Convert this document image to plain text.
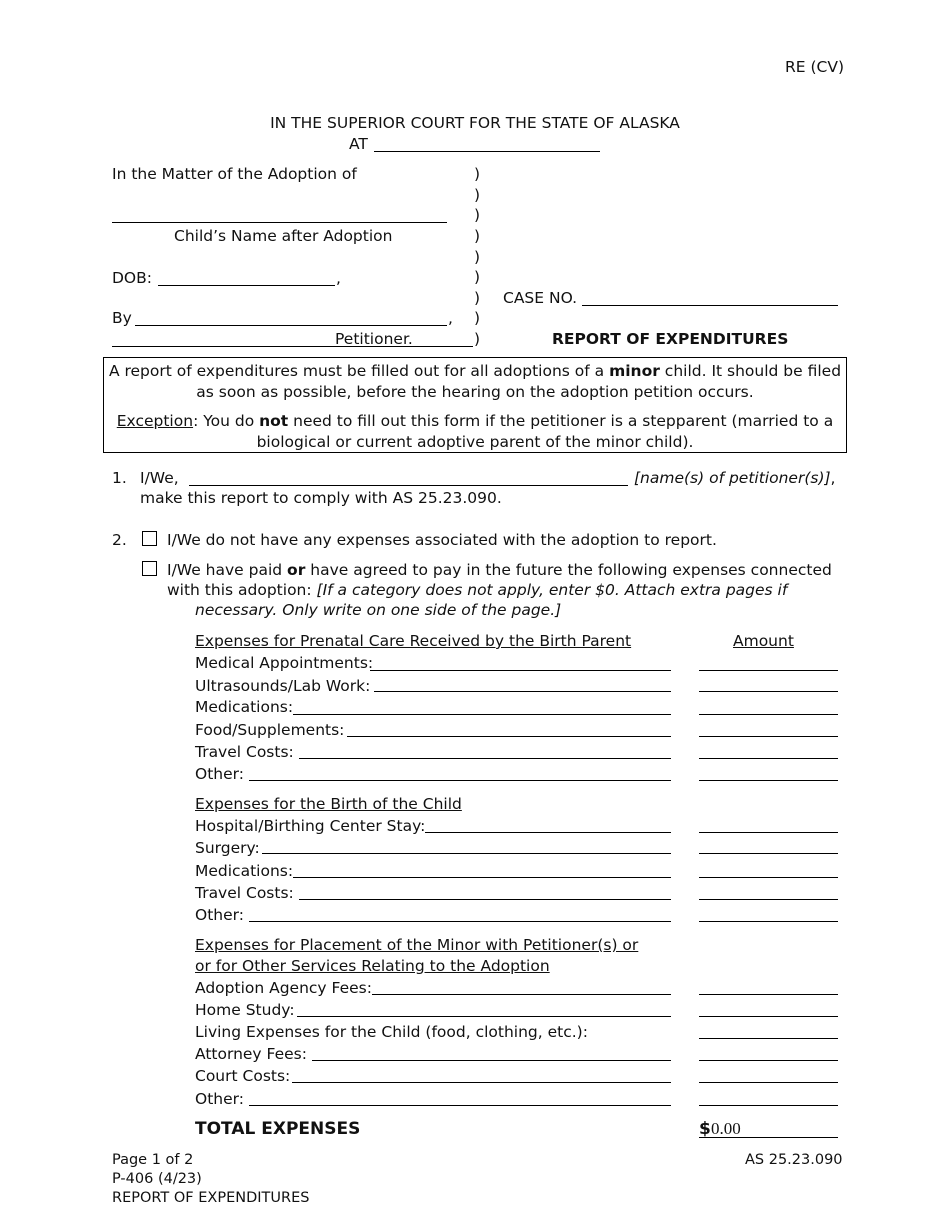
RE (CV)
IN THE SUPERIOR COURT FOR THE STATE OF ALASKA
AT
In the Matter of the Adoption of
Child’s Name after Adoption
DOB:	,
By	,
Petitioner.
)
)
)
)
)
)
)
)
)
CASE NO.
REPORT OF EXPENDITURES
A report of expenditures must be filled out for all adoptions of a minor child. It should be filed
as soon as possible, before the hearing on the adoption petition occurs.
Exception: You do not need to fill out this form if the petitioner is a stepparent (married to a
biological or current adoptive parent of the minor child).
1. I/We,	[name(s) of petitioner(s)],
make this report to comply with AS 25.23.090.
2.	I/We do not have any expenses associated with the adoption to report.
I/We have paid or have agreed to pay in the future the following expenses connected
with this adoption: [If a category does not apply, enter $0. Attach extra pages if
necessary. Only write on one side of the page.]
Amount
Expenses for Prenatal Care Received by the Birth Parent
Medical Appointments:
Ultrasounds/Lab Work:
Medications:
Food/Supplements:
Travel Costs:
Other:
Expenses for the Birth of the Child
Hospital/Birthing Center Stay:
Surgery:
Medications:
Travel Costs:
Other:
Expenses for Placement of the Minor with Petitioner(s) or
or for Other Services Relating to the Adoption
Adoption Agency Fees:
Home Study:
Living Expenses for the Child (food, clothing, etc.):
Attorney Fees:
Court Costs:
Other:
TOTAL EXPENSES	$ 0.00
Page 1 of 2
P-406 (4/23)
REPORT OF EXPENDITURES
AS 25.23.090
